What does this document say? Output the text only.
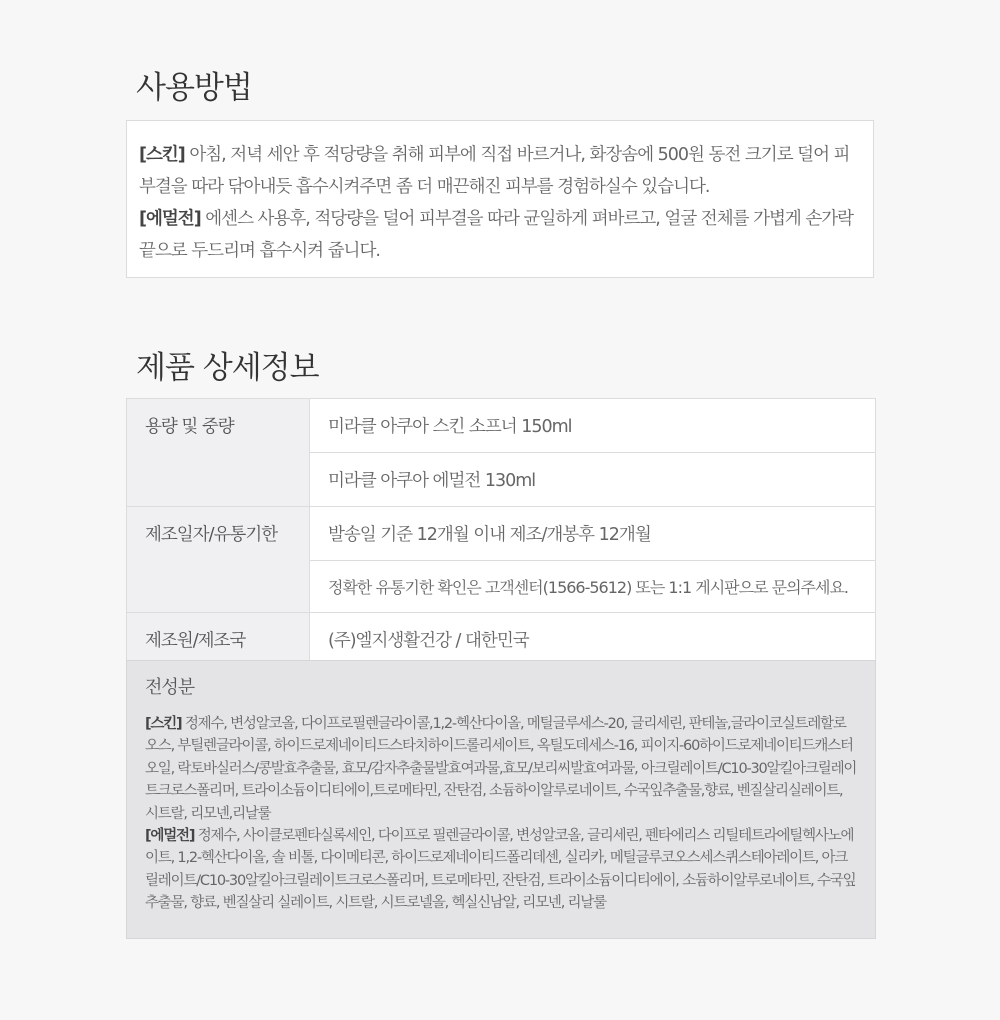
사용방법

[스킨] 아침, 저녁 세안 후 적당량을 취해 피부에 직접 바르거나, 화장솜에 500원 동전 크기로 덜어 피부결을 따라 닦아내듯 흡수시켜주면 좀 더 매끈해진 피부를 경험하실수 있습니다.

[에멀전] 에센스 사용후, 적당량을 덜어 피부결을 따라 균일하게 펴바르고, 얼굴 전체를 가볍게 손가락 끝으로 두드리며 흡수시켜 줍니다.

제품 상세정보
용량 및 중량	미라클 아쿠아 스킨 소프너 150ml
	미라클 아쿠아 에멀전 130ml
제조일자/유통기한	발송일 기준 12개월 이내 제조/개봉후 12개월
	정확한 유통기한 확인은 고객센터(1566-5612) 또는 1:1 게시판으로 문의주세요.
제조원/제조국	(주)엘지생활건강 / 대한민국
전성분

[스킨] 정제수, 변성알코올, 다이프로필렌글라이콜,1,2-헥산다이올, 메틸글루세스-20, 글리세린, 판테놀,글라이코실트레할로오스, 부틸렌글라이콜, 하이드로제네이티드스타치하이드롤리세이트, 옥틸도데세스-16, 피이지-60하이드로제네이티드캐스터오일, 락토바실러스/콩발효추출물, 효모/감자추출물발효여과물,효모/보리씨발효여과물, 아크릴레이트/C10-30알킬아크릴레이트크로스폴리머, 트라이소듐이디티에이,트로메타민, 잔탄검, 소듐하이알루로네이트, 수국잎추출물,향료, 벤질살리실레이트, 시트랄, 리모넨,리날룰

[에멀전] 정제수, 사이클로펜타실록세인, 다이프로 필렌글라이콜, 변성알코올, 글리세린, 펜타에리스 리틸테트라에틸헥사노에이트, 1,2-헥산다이올, 솔 비톨, 다이메티콘, 하이드로제네이티드폴리데센, 실리카, 메틸글루코오스세스퀴스테아레이트, 아크 릴레이트/C10-30알킬아크릴레이트크로스폴리머, 트로메타민, 잔탄검, 트라이소듐이디티에이, 소듐하이알루로네이트, 수국잎추출물, 향료, 벤질살리 실레이트, 시트랄, 시트로넬올, 헥실신남알, 리모넨, 리날룰
